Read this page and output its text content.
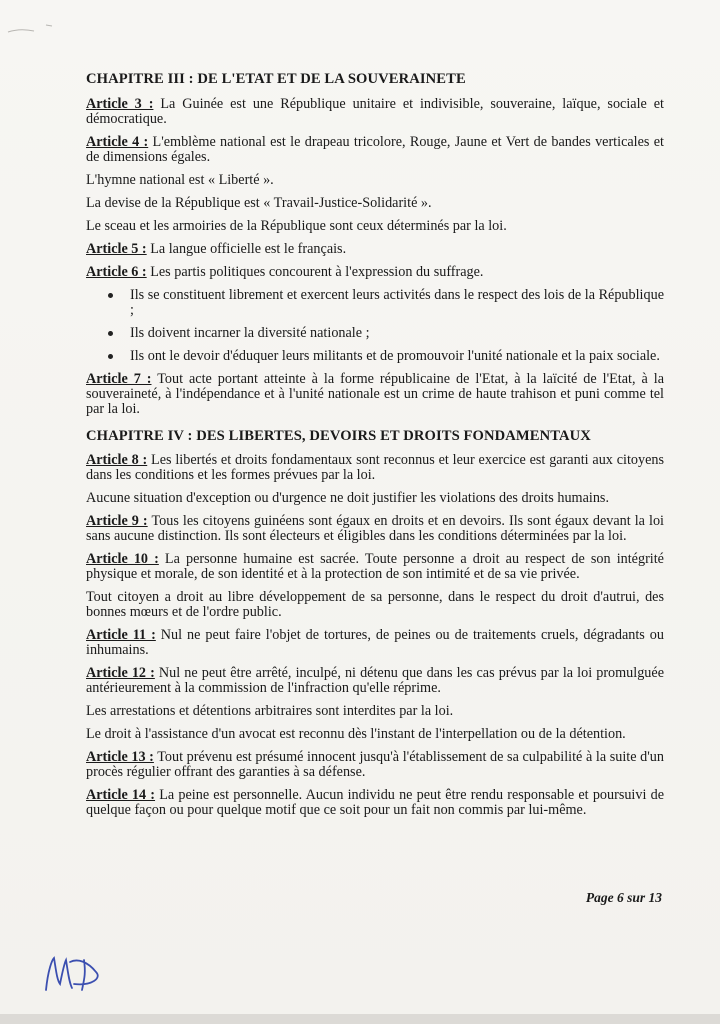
CHAPITRE III : DE L'ETAT ET DE LA SOUVERAINETE

Article 3 : La Guinée est une République unitaire et indivisible, souveraine, laïque, sociale et démocratique.

Article 4 : L'emblème national est le drapeau tricolore, Rouge, Jaune et Vert de bandes verticales et de dimensions égales.

L'hymne national est « Liberté ».

La devise de la République est « Travail-Justice-Solidarité ».

Le sceau et les armoiries de la République sont ceux déterminés par la loi.

Article 5 : La langue officielle est le français.

Article 6 : Les partis politiques concourent à l'expression du suffrage.

Ils se constituent librement et exercent leurs activités dans le respect des lois de la République ;
Ils doivent incarner la diversité nationale ;
Ils ont le devoir d'éduquer leurs militants et de promouvoir l'unité nationale et la paix sociale.

Article 7 : Tout acte portant atteinte à la forme républicaine de l'Etat, à la laïcité de l'Etat, à la souveraineté, à l'indépendance et à l'unité nationale est un crime de haute trahison et puni comme tel par la loi.

CHAPITRE IV : DES LIBERTES, DEVOIRS ET DROITS FONDAMENTAUX

Article 8 : Les libertés et droits fondamentaux sont reconnus et leur exercice est garanti aux citoyens dans les conditions et les formes prévues par la loi.

Aucune situation d'exception ou d'urgence ne doit justifier les violations des droits humains.

Article 9 : Tous les citoyens guinéens sont égaux en droits et en devoirs. Ils sont égaux devant la loi sans aucune distinction. Ils sont électeurs et éligibles dans les conditions déterminées par la loi.

Article 10 : La personne humaine est sacrée. Toute personne a droit au respect de son intégrité physique et morale, de son identité et à la protection de son intimité et de sa vie privée.

Tout citoyen a droit au libre développement de sa personne, dans le respect du droit d'autrui, des bonnes mœurs et de l'ordre public.

Article 11 : Nul ne peut faire l'objet de tortures, de peines ou de traitements cruels, dégradants ou inhumains.

Article 12 : Nul ne peut être arrêté, inculpé, ni détenu que dans les cas prévus par la loi promulguée antérieurement à la commission de l'infraction qu'elle réprime.

Les arrestations et détentions arbitraires sont interdites par la loi.

Le droit à l'assistance d'un avocat est reconnu dès l'instant de l'interpellation ou de la détention.

Article 13 : Tout prévenu est présumé innocent jusqu'à l'établissement de sa culpabilité à la suite d'un procès régulier offrant des garanties à sa défense.

Article 14 : La peine est personnelle. Aucun individu ne peut être rendu responsable et poursuivi de quelque façon ou pour quelque motif que ce soit pour un fait non commis par lui-même.

Page 6 sur 13
